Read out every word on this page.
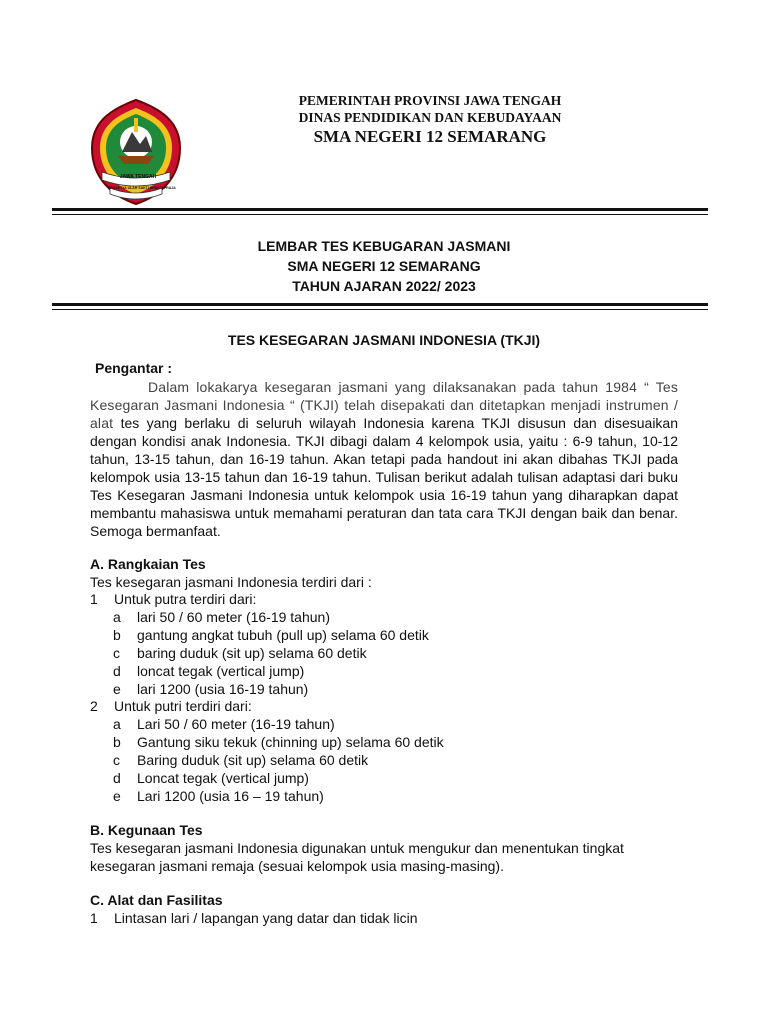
JAWA TENGAH
PRASETYA ULAH SAKTI BHAKTI PRAJA
PEMERINTAH PROVINSI JAWA TENGAH
DINAS PENDIDIKAN DAN KEBUDAYAAN
SMA NEGERI 12 SEMARANG
LEMBAR TES KEBUGARAN JASMANI
SMA NEGERI 12 SEMARANG
TAHUN AJARAN 2022/ 2023
TES KESEGARAN JASMANI INDONESIA (TKJI)
Pengantar :
Dalam lokakarya kesegaran jasmani yang dilaksanakan pada tahun 1984 “ Tes Kesegaran Jasmani Indonesia “ (TKJI) telah disepakati dan ditetapkan menjadi instrumen / alat tes yang berlaku di seluruh wilayah Indonesia karena TKJI disusun dan disesuaikan dengan kondisi anak Indonesia. TKJI dibagi dalam 4 kelompok usia, yaitu : 6-9 tahun, 10-12 tahun, 13-15 tahun, dan 16-19 tahun. Akan tetapi pada handout ini akan dibahas TKJI pada kelompok usia 13-15 tahun dan 16-19 tahun. Tulisan berikut adalah tulisan adaptasi dari buku Tes Kesegaran Jasmani Indonesia untuk kelompok usia 16-19 tahun yang diharapkan dapat membantu mahasiswa untuk memahami peraturan dan tata cara TKJI dengan baik dan benar. Semoga bermanfaat.
A. Rangkaian Tes
Tes kesegaran jasmani Indonesia terdiri dari :
1 Untuk putra terdiri dari:
a lari 50 / 60 meter (16-19 tahun)
b gantung angkat tubuh (pull up) selama 60 detik
c baring duduk (sit up) selama 60 detik
d loncat tegak (vertical jump)
e lari 1200 (usia 16-19 tahun)
2 Untuk putri terdiri dari:
a Lari 50 / 60 meter (16-19 tahun)
b Gantung siku tekuk (chinning up) selama 60 detik
c Baring duduk (sit up) selama 60 detik
d Loncat tegak (vertical jump)
e Lari 1200 (usia 16 – 19 tahun)
B. Kegunaan Tes
Tes kesegaran jasmani Indonesia digunakan untuk mengukur dan menentukan tingkat kesegaran jasmani remaja (sesuai kelompok usia masing-masing).
C. Alat dan Fasilitas
1 Lintasan lari / lapangan yang datar dan tidak licin
